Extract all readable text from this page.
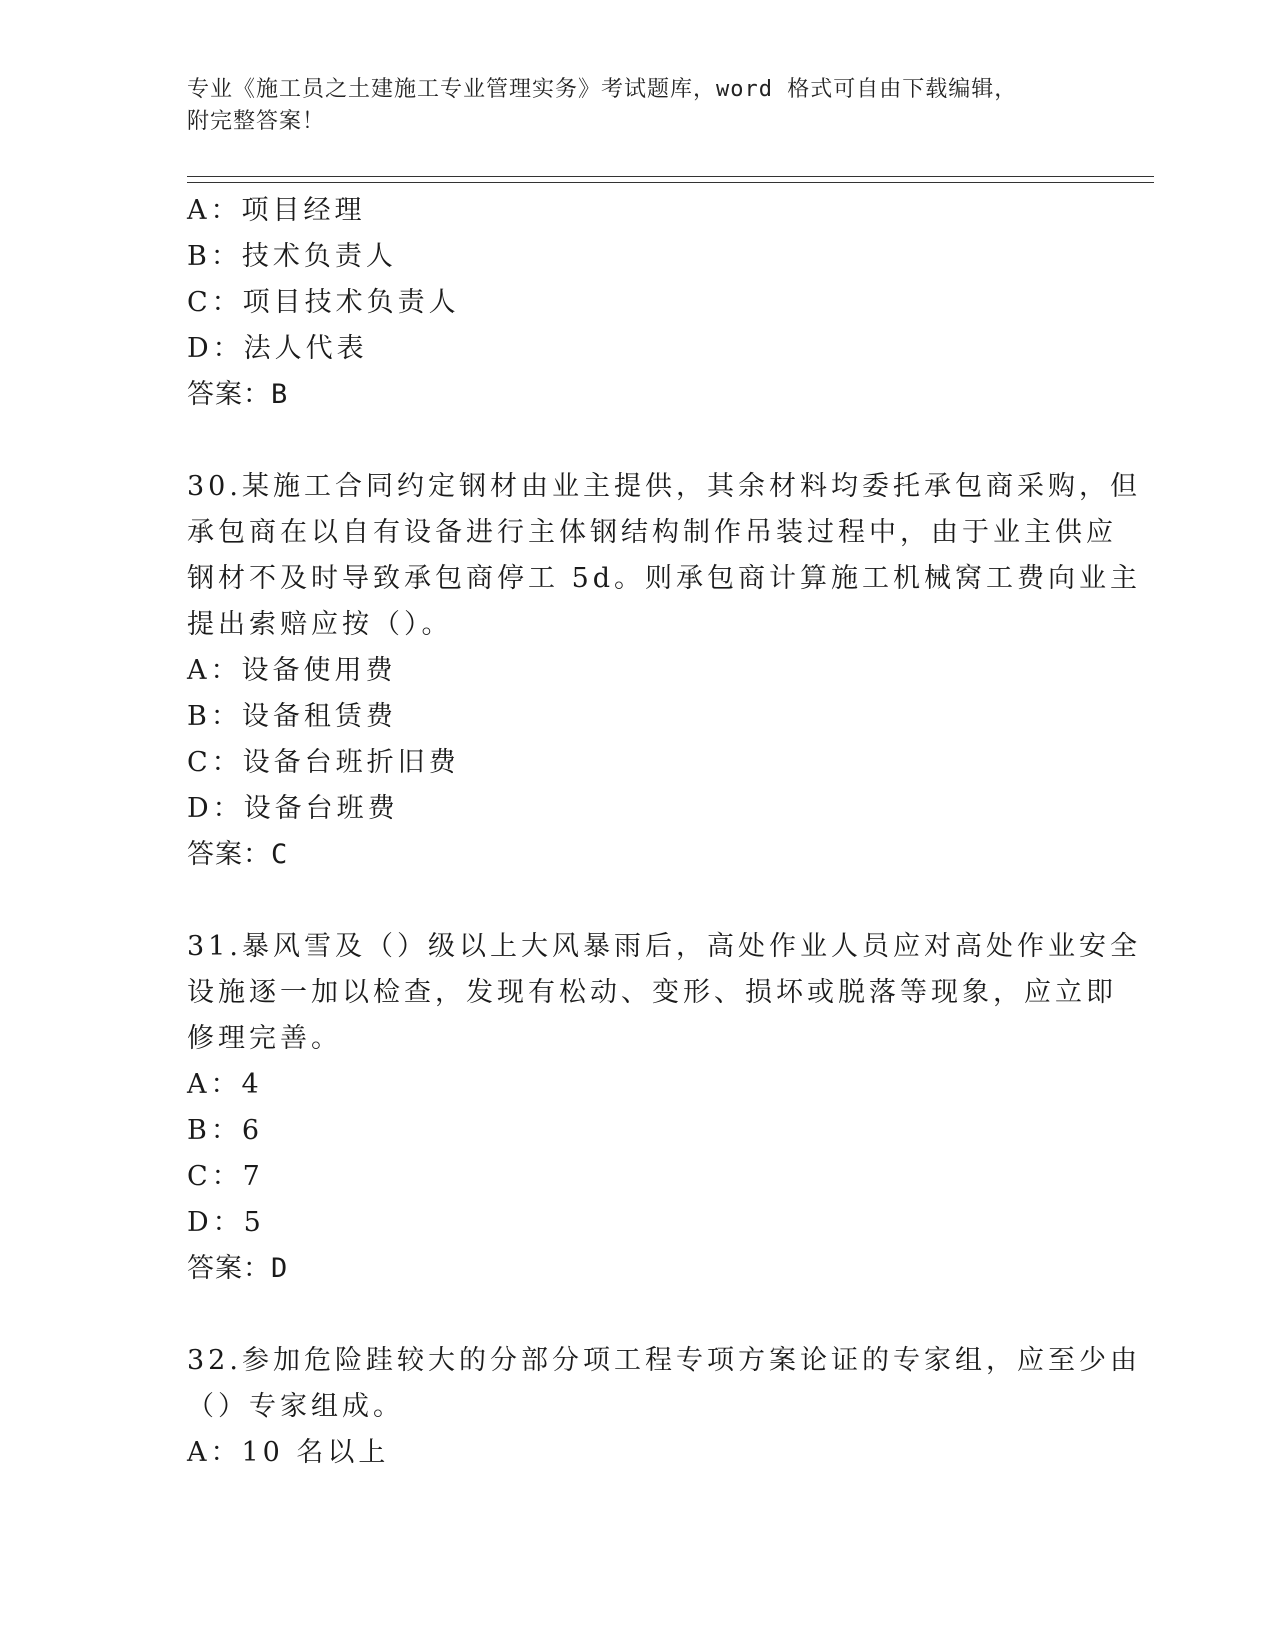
专业《施工员之土建施工专业管理实务》考试题库，word 格式可自由下载编辑，
附完整答案！
A：项目经理
B：技术负责人
C：项目技术负责人
D：法人代表
答案：B
30.某施工合同约定钢材由业主提供，其余材料均委托承包商采购，但
承包商在以自有设备进行主体钢结构制作吊装过程中，由于业主供应
钢材不及时导致承包商停工 5d。则承包商计算施工机械窝工费向业主
提出索赔应按（）。
A：设备使用费
B：设备租赁费
C：设备台班折旧费
D：设备台班费
答案：C
31.暴风雪及（）级以上大风暴雨后，高处作业人员应对高处作业安全
设施逐一加以检查，发现有松动、变形、损坏或脱落等现象，应立即
修理完善。
A：4
B：6
C：7
D：5
答案：D
32.参加危险跬较大的分部分项工程专项方案论证的专家组，应至少由
（）专家组成。
A：10 名以上
